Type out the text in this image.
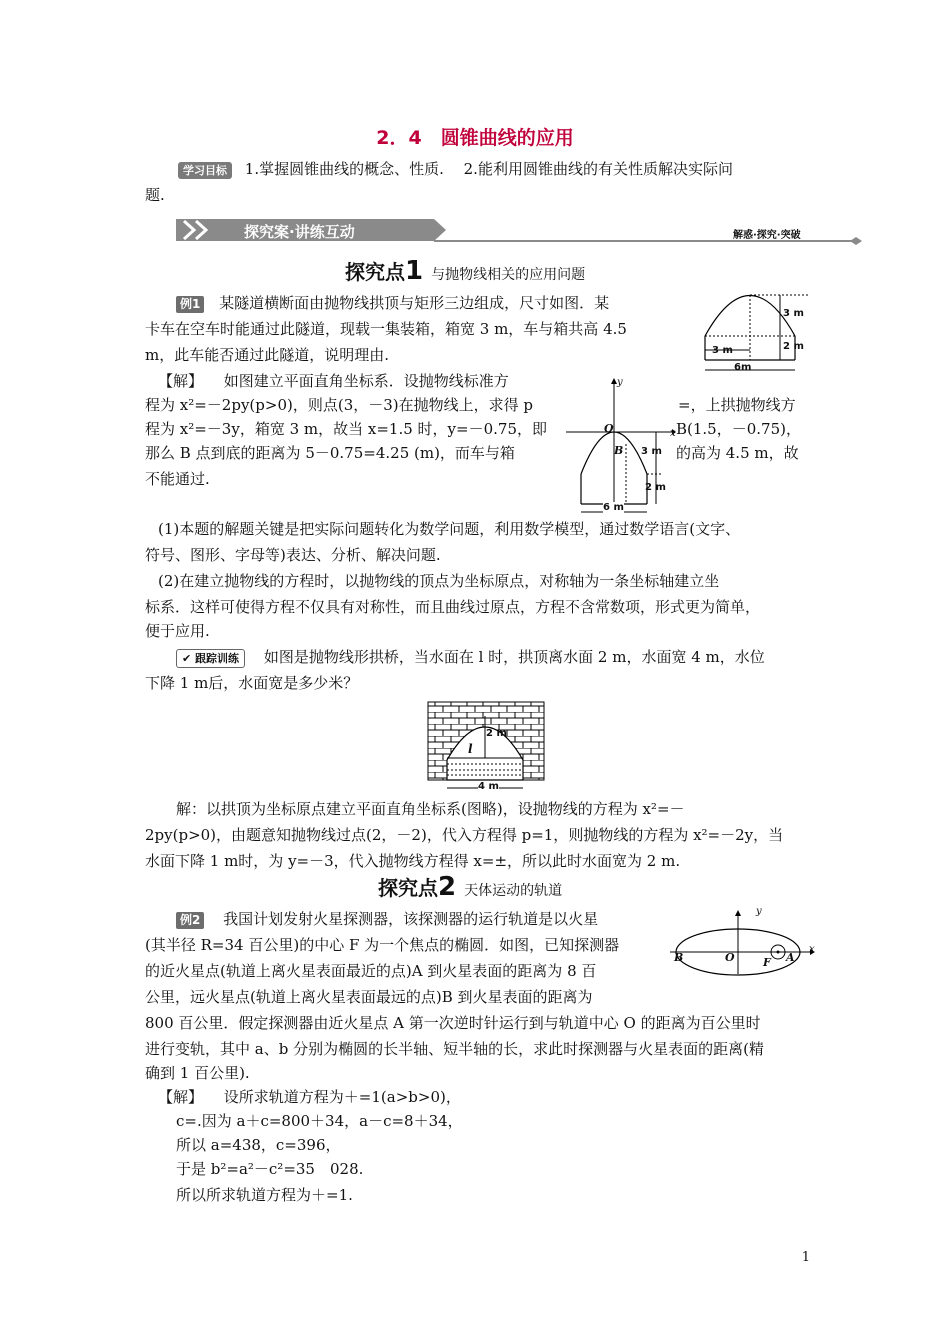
2．4　圆锥曲线的应用
学习目标 1.掌握圆锥曲线的概念、性质.　 2.能利用圆锥曲线的有关性质解决实际问
题.
探究案·讲练互动	解惑·探究·突破
探究点1 与抛物线相关的应用问题
例1 某隧道横断面由抛物线拱顶与矩形三边组成，尺寸如图．某
卡车在空车时能通过此隧道，现载一集装箱，箱宽 3 m，车与箱共高 4.5
m，此车能否通过此隧道，说明理由.
3 m
2 m
3 m
6m
【解】 如图建立平面直角坐标系．设抛物线标准方
程为 x²=－2py(p>0)，则点(3，－3)在抛物线上，求得 p
程为 x²=－3y，箱宽 3 m，故当 x=1.5 时，y=－0.75，即
那么 B 点到底的距离为 5－0.75=4.25 (m)，而车与箱
不能通过.
=，上拱抛物线方
B(1.5，－0.75)，
的高为 4.5 m，故
y
x
O
B 3 m
2 m
6 m
(1)本题的解题关键是把实际问题转化为数学问题，利用数学模型，通过数学语言(文字、
符号、图形、字母等)表达、分析、解决问题.
(2)在建立抛物线的方程时，以抛物线的顶点为坐标原点，对称轴为一条坐标轴建立坐
标系．这样可使得方程不仅具有对称性，而且曲线过原点，方程不含常数项，形式更为简单，
便于应用.
✔ 跟踪训练 如图是抛物线形拱桥，当水面在 l 时，拱顶离水面 2 m，水面宽 4 m，水位
下降 1 m后，水面宽是多少米？
2 m
l
4 m
解：以拱顶为坐标原点建立平面直角坐标系(图略)，设抛物线的方程为 x²=－
2py(p>0)，由题意知抛物线过点(2，－2)，代入方程得 p=1，则抛物线的方程为 x²=－2y，当
水面下降 1 m时，为 y=－3，代入抛物线方程得 x=±，所以此时水面宽为 2 m.
探究点2 天体运动的轨道
例2 我国计划发射火星探测器，该探测器的运行轨道是以火星
(其半径 R=34 百公里)的中心 F 为一个焦点的椭圆．如图，已知探测器
的近火星点(轨道上离火星表面最近的点)A 到火星表面的距离为 8 百
公里，远火星点(轨道上离火星表面最远的点)B 到火星表面的距离为
800 百公里．假定探测器由近火星点 A 第一次逆时针运行到与轨道中心 O 的距离为百公里时
进行变轨，其中 a、b 分别为椭圆的长半轴、短半轴的长，求此时探测器与火星表面的距离(精
确到 1 百公里).
y
x
B	O	F A
【解】 设所求轨道方程为＋=1(a>b>0)，
c=.因为 a＋c=800＋34，a－c=8＋34，
所以 a=438，c=396，
于是 b²=a²－c²=35　028.
所以所求轨道方程为＋=1.
1
